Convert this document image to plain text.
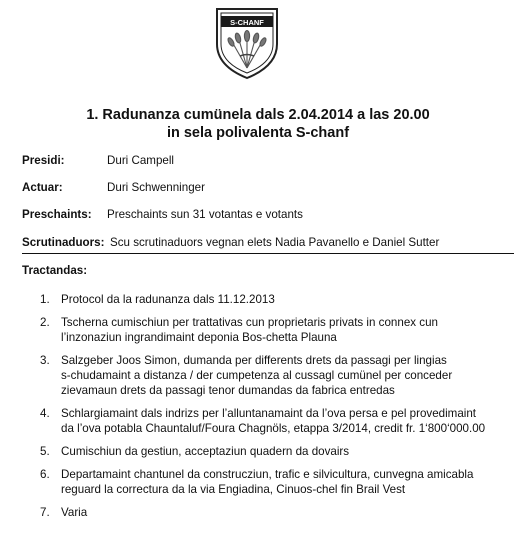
S-CHANF
1. Radunanza cumünela dals 2.04.2014 a las 20.00
in sela polivalenta S-chanf
Presidi:	Duri Campell
Actuar:	Duri Schwenninger
Preschaints: Preschaints sun 31 votantas e votants
Scrutinaduors: Scu scrutinaduors vegnan elets Nadia Pavanello e Daniel Sutter
Tractandas:
1. Protocol da la radunanza dals 11.12.2013
2. Tscherna cumischiun per trattativas cun proprietaris privats in connex cun
l’inzonaziun ingrandimaint deponia Bos-chetta Plauna
3. Salzgeber Joos Simon, dumanda per differents drets da passagi per lingias
s-chudamaint a distanza / der cumpetenza al cussagl cumünel per conceder
zievamaun drets da passagi tenor dumandas da fabrica entredas
4. Schlargiamaint dals indrizs per l’alluntanamaint da l’ova persa e pel provedimaint
da l’ova potabla Chauntaluf/Foura Chagnöls, etappa 3/2014, credit fr. 1‘800‘000.00
5. Cumischiun da gestiun, acceptaziun quadern da dovairs
6. Departamaint chantunel da construcziun, trafic e silvicultura, cunvegna amicabla
reguard la correctura da la via Engiadina, Cinuos-chel fin Brail Vest
7. Varia
